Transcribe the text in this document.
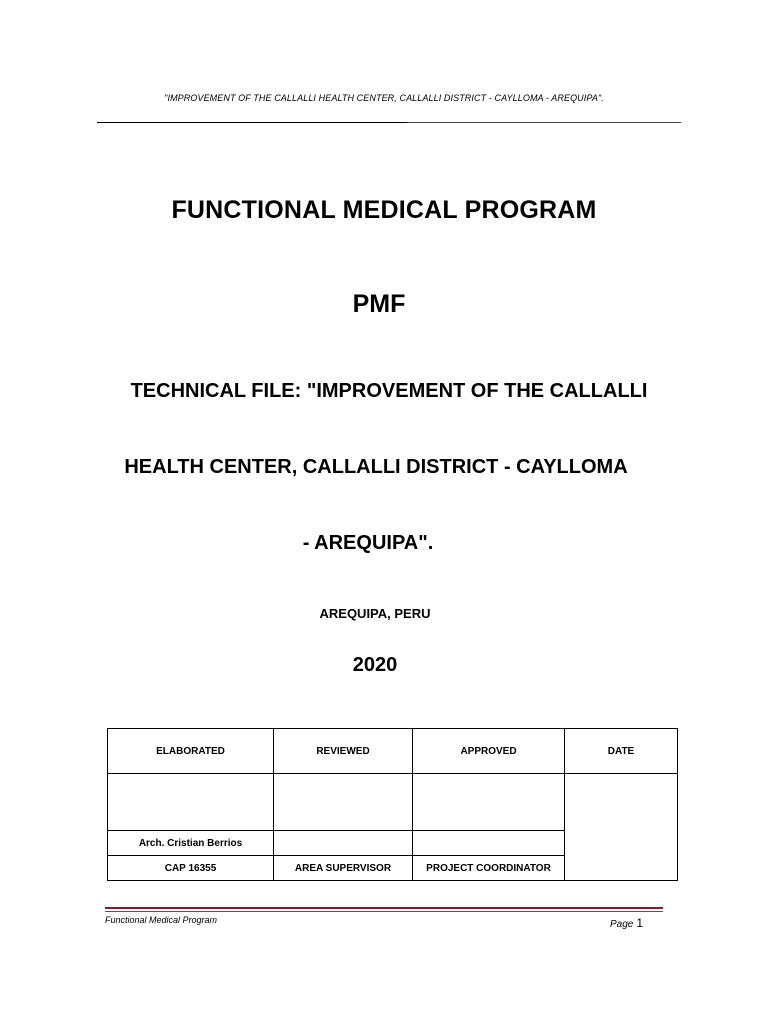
"IMPROVEMENT OF THE CALLALLI HEALTH CENTER, CALLALLI DISTRICT - CAYLLOMA - AREQUIPA".
FUNCTIONAL MEDICAL PROGRAM
PMF
TECHNICAL FILE: "IMPROVEMENT OF THE CALLALLI
HEALTH CENTER, CALLALLI DISTRICT - CAYLLOMA
- AREQUIPA".
AREQUIPA, PERU
2020
ELABORATED	REVIEWED	APPROVED	DATE

Arch. Cristian Berrios			
CAP 16355	AREA SUPERVISOR	PROJECT COORDINATOR	
Functional Medical Program	Page 1
